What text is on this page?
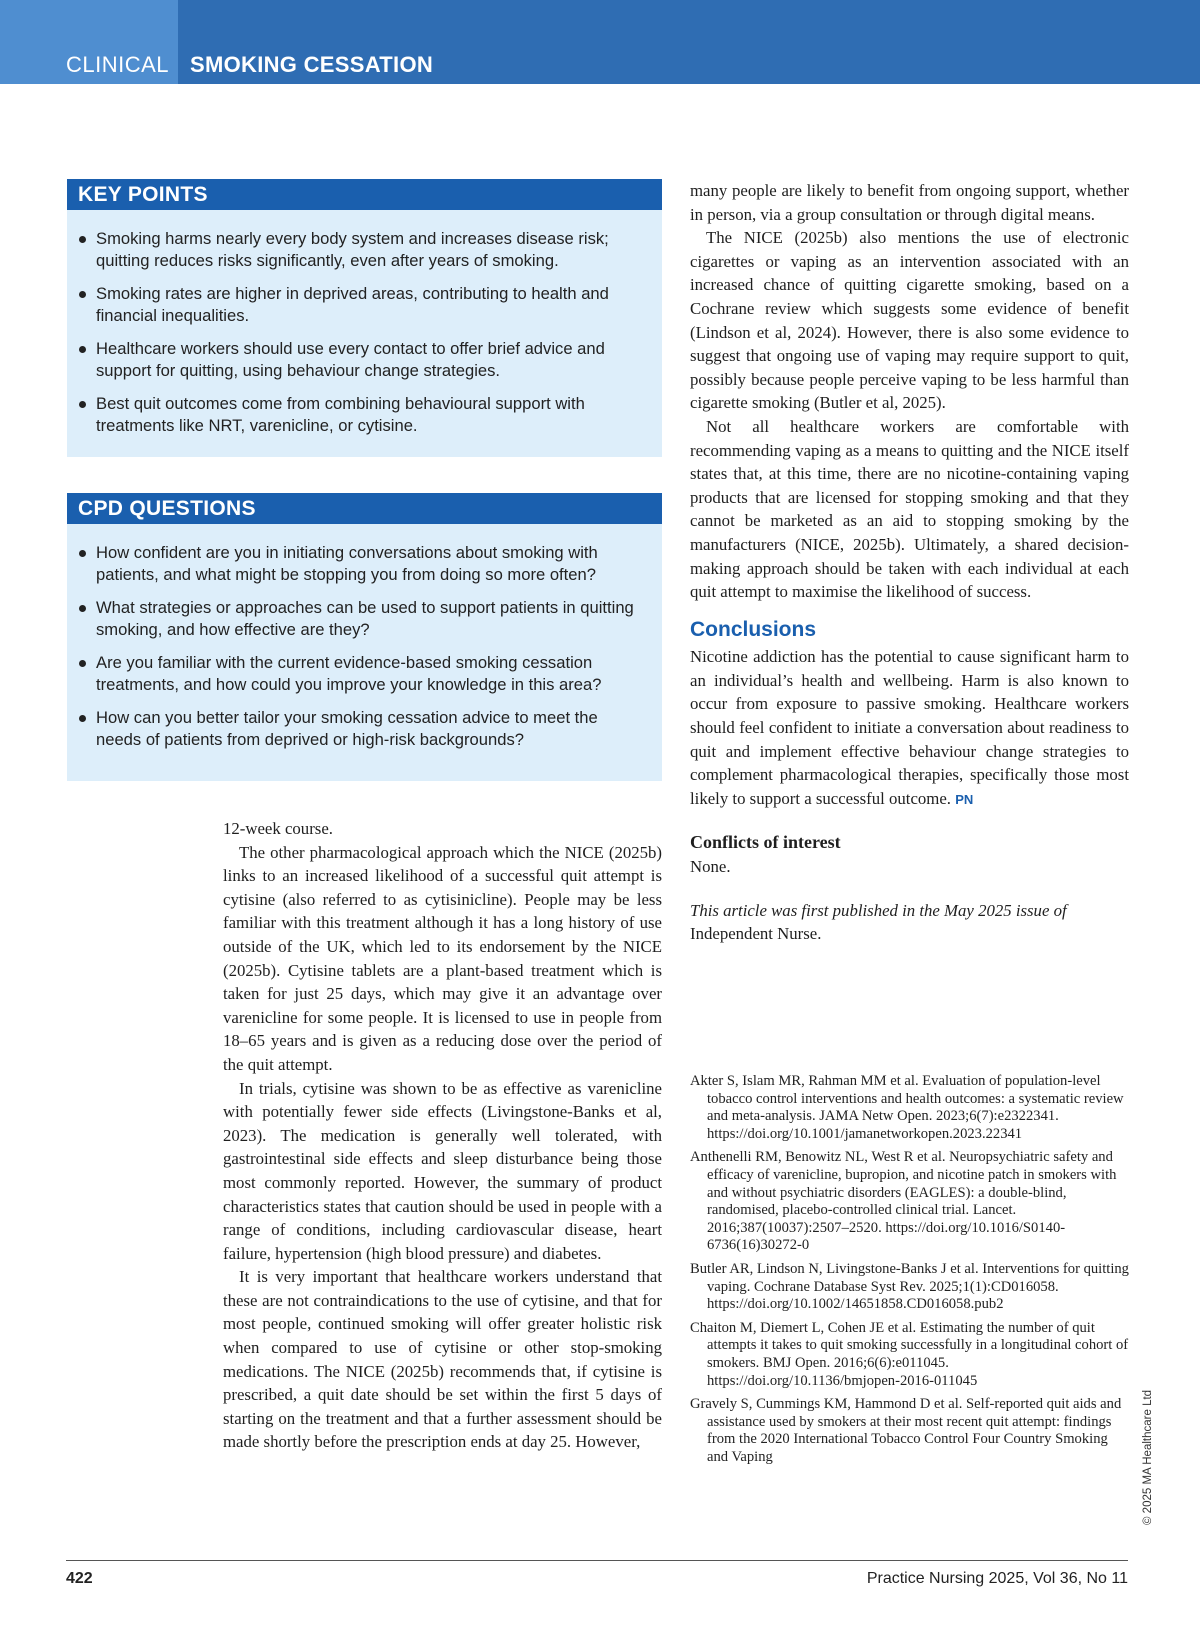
CLINICAL SMOKING CESSATION
KEY POINTS
Smoking harms nearly every body system and increases disease risk; quitting reduces risks significantly, even after years of smoking.
Smoking rates are higher in deprived areas, contributing to health and financial inequalities.
Healthcare workers should use every contact to offer brief advice and support for quitting, using behaviour change strategies.
Best quit outcomes come from combining behavioural support with treatments like NRT, varenicline, or cytisine.
CPD QUESTIONS
How confident are you in initiating conversations about smoking with patients, and what might be stopping you from doing so more often?
What strategies or approaches can be used to support patients in quitting smoking, and how effective are they?
Are you familiar with the current evidence-based smoking cessation treatments, and how could you improve your knowledge in this area?
How can you better tailor your smoking cessation advice to meet the needs of patients from deprived or high-risk backgrounds?

12-week course.

The other pharmacological approach which the NICE (2025b) links to an increased likelihood of a successful quit attempt is cytisine (also referred to as cytisinicline). People may be less familiar with this treatment although it has a long history of use outside of the UK, which led to its endorsement by the NICE (2025b). Cytisine tablets are a plant-based treatment which is taken for just 25 days, which may give it an advantage over varenicline for some people. It is licensed to use in people from 18–65 years and is given as a reducing dose over the period of the quit attempt.

In trials, cytisine was shown to be as effective as varenicline with potentially fewer side effects (Livingstone-Banks et al, 2023). The medication is generally well tolerated, with gastrointestinal side effects and sleep disturbance being those most commonly reported. However, the summary of product characteristics states that caution should be used in people with a range of conditions, including cardiovascular disease, heart failure, hypertension (high blood pressure) and diabetes.

It is very important that healthcare workers understand that these are not contraindications to the use of cytisine, and that for most people, continued smoking will offer greater holistic risk when compared to use of cytisine or other stop-smoking medications. The NICE (2025b) recommends that, if cytisine is prescribed, a quit date should be set within the first 5 days of starting on the treatment and that a further assessment should be made shortly before the prescription ends at day 25. However,

many people are likely to benefit from ongoing support, whether in person, via a group consultation or through digital means.

The NICE (2025b) also mentions the use of electronic cigarettes or vaping as an intervention associated with an increased chance of quitting cigarette smoking, based on a Cochrane review which suggests some evidence of benefit (Lindson et al, 2024). However, there is also some evidence to suggest that ongoing use of vaping may require support to quit, possibly because people perceive vaping to be less harmful than cigarette smoking (Butler et al, 2025).

Not all healthcare workers are comfortable with recommending vaping as a means to quitting and the NICE itself states that, at this time, there are no nicotine-containing vaping products that are licensed for stopping smoking and that they cannot be marketed as an aid to stopping smoking by the manufacturers (NICE, 2025b). Ultimately, a shared decision-making approach should be taken with each individual at each quit attempt to maximise the likelihood of success.

Conclusions

Nicotine addiction has the potential to cause significant harm to an individual’s health and wellbeing. Harm is also known to occur from exposure to passive smoking. Healthcare workers should feel confident to initiate a conversation about readiness to quit and implement effective behaviour change strategies to complement pharmacological therapies, specifically those most likely to support a successful outcome. PN

Conflicts of interest

None.

This article was first published in the May 2025 issue of Independent Nurse.

Akter S, Islam MR, Rahman MM et al. Evaluation of population-level tobacco control interventions and health outcomes: a systematic review and meta-analysis. JAMA Netw Open. 2023;6(7):e2322341. https://doi.org/10.1001/jamanetworkopen.2023.22341
Anthenelli RM, Benowitz NL, West R et al. Neuropsychiatric safety and efficacy of varenicline, bupropion, and nicotine patch in smokers with and without psychiatric disorders (EAGLES): a double-blind, randomised, placebo-controlled clinical trial. Lancet. 2016;387(10037):2507–2520. https://doi.org/10.1016/S0140-6736(16)30272-0
Butler AR, Lindson N, Livingstone-Banks J et al. Interventions for quitting vaping. Cochrane Database Syst Rev. 2025;1(1):CD016058. https://doi.org/10.1002/14651858.CD016058.pub2
Chaiton M, Diemert L, Cohen JE et al. Estimating the number of quit attempts it takes to quit smoking successfully in a longitudinal cohort of smokers. BMJ Open. 2016;6(6):e011045. https://doi.org/10.1136/bmjopen-2016-011045
Gravely S, Cummings KM, Hammond D et al. Self-reported quit aids and assistance used by smokers at their most recent quit attempt: findings from the 2020 International Tobacco Control Four Country Smoking and Vaping	© 2025 MA Healthcare Ltd
422	Practice Nursing 2025, Vol 36, No 11
